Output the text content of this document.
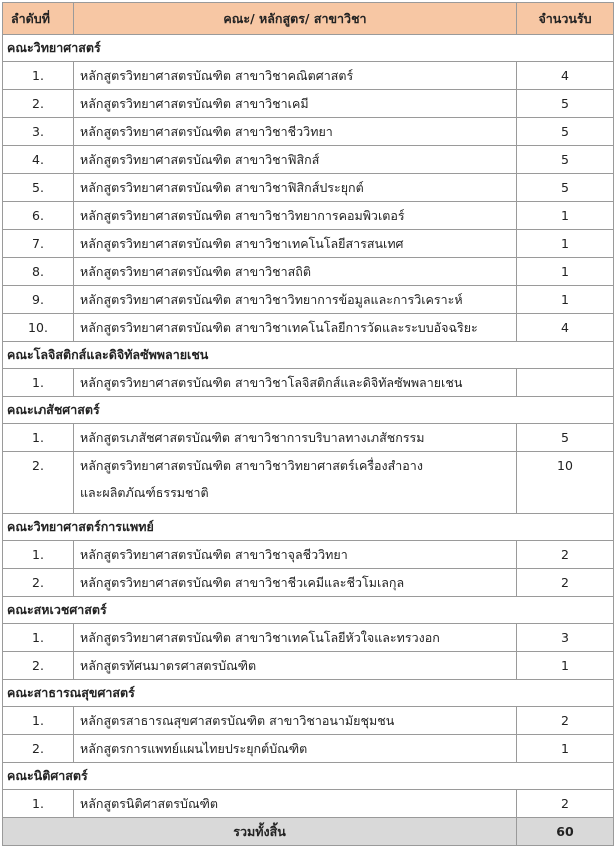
ลำดับที่	คณะ/ หลักสูตร/ สาขาวิชา	จำนวนรับ
คณะวิทยาศาสตร์		
1.	หลักสูตรวิทยาศาสตรบัณฑิต สาขาวิชาคณิตศาสตร์	4
2.	หลักสูตรวิทยาศาสตรบัณฑิต สาขาวิชาเคมี	5
3.	หลักสูตรวิทยาศาสตรบัณฑิต สาขาวิชาชีววิทยา	5
4.	หลักสูตรวิทยาศาสตรบัณฑิต สาขาวิชาฟิสิกส์	5
5.	หลักสูตรวิทยาศาสตรบัณฑิต สาขาวิชาฟิสิกส์ประยุกต์	5
6.	หลักสูตรวิทยาศาสตรบัณฑิต สาขาวิชาวิทยาการคอมพิวเตอร์	1
7.	หลักสูตรวิทยาศาสตรบัณฑิต สาขาวิชาเทคโนโลยีสารสนเทศ	1
8.	หลักสูตรวิทยาศาสตรบัณฑิต สาขาวิชาสถิติ	1
9.	หลักสูตรวิทยาศาสตรบัณฑิต สาขาวิชาวิทยาการข้อมูลและการวิเคราะห์	1
10.	หลักสูตรวิทยาศาสตรบัณฑิต สาขาวิชาเทคโนโลยีการวัดและระบบอัจฉริยะ	4
คณะโลจิสติกส์และดิจิทัลซัพพลายเชน		
1.	หลักสูตรวิทยาศาสตรบัณฑิต สาขาวิชาโลจิสติกส์และดิจิทัลซัพพลายเชน	

คณะเภสัชศาสตร์		
1.	หลักสูตรเภสัชศาสตรบัณฑิต สาขาวิชาการบริบาลทางเภสัชกรรม	5
2.	หลักสูตรวิทยาศาสตรบัณฑิต สาขาวิชาวิทยาศาสตร์เครื่องสำอาง
และผลิตภัณฑ์ธรรมชาติ	10
คณะวิทยาศาสตร์การแพทย์		
1.	หลักสูตรวิทยาศาสตรบัณฑิต สาขาวิชาจุลชีววิทยา	2
2.	หลักสูตรวิทยาศาสตรบัณฑิต สาขาวิชาชีวเคมีและชีวโมเลกุล	2
คณะสหเวชศาสตร์		
1.	หลักสูตรวิทยาศาสตรบัณฑิต สาขาวิชาเทคโนโลยีหัวใจและทรวงอก	3
2.	หลักสูตรทัศนมาตรศาสตรบัณฑิต	1
คณะสาธารณสุขศาสตร์		
1.	หลักสูตรสาธารณสุขศาสตรบัณฑิต สาขาวิชาอนามัยชุมชน	2
2.	หลักสูตรการแพทย์แผนไทยประยุกต์บัณฑิต	1
คณะนิติศาสตร์		
1.	หลักสูตรนิติศาสตรบัณฑิต	2
รวมทั้งสิ้น		60
